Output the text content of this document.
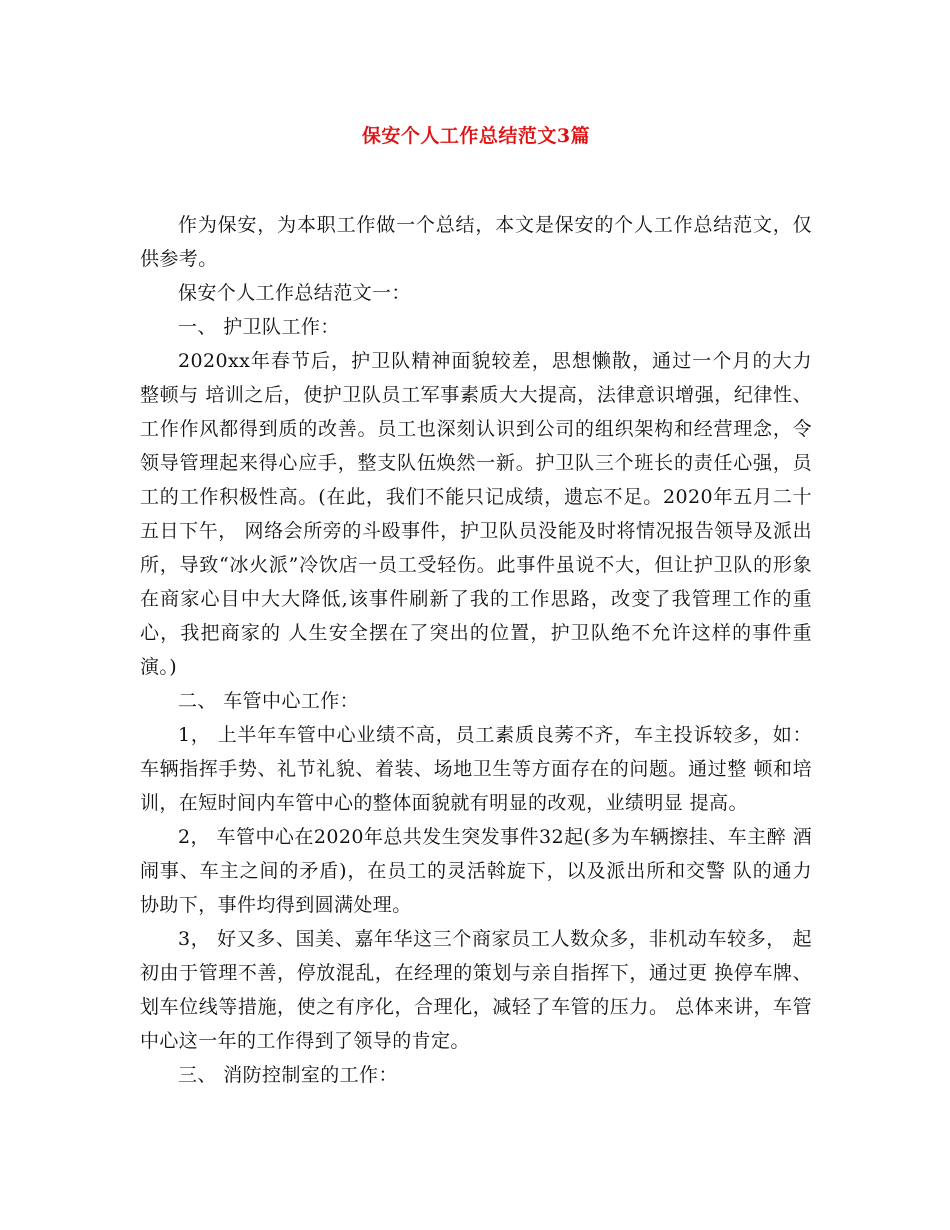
保安个人工作总结范文3篇

作为保安，为本职工作做一个总结，本文是保安的个人工作总结范文，仅供参考。

保安个人工作总结范文一：

一、 护卫队工作：

2020xx年春节后，护卫队精神面貌较差，思想懒散，通过一个月的大力整顿与 培训之后，使护卫队员工军事素质大大提高，法律意识增强，纪律性、工作作风都得到质的改善。员工也深刻认识到公司的组织架构和经营理念，令领导管理起来得心应手，整支队伍焕然一新。护卫队三个班长的责任心强，员工的工作积极性高。(在此，我们不能只记成绩，遗忘不足。2020年五月二十五日下午， 网络会所旁的斗殴事件，护卫队员没能及时将情况报告领导及派出所，导致“冰火派”冷饮店一员工受轻伤。此事件虽说不大，但让护卫队的形象在商家心目中大大降低,该事件刷新了我的工作思路，改变了我管理工作的重心，我把商家的 人生安全摆在了突出的位置，护卫队绝不允许这样的事件重演。)

二、 车管中心工作：

1， 上半年车管中心业绩不高，员工素质良莠不齐，车主投诉较多，如： 车辆指挥手势、礼节礼貌、着装、场地卫生等方面存在的问题。通过整 顿和培训，在短时间内车管中心的整体面貌就有明显的改观，业绩明显 提高。

2， 车管中心在2020年总共发生突发事件32起(多为车辆擦挂、车主醉 酒闹事、车主之间的矛盾)，在员工的灵活斡旋下，以及派出所和交警 队的通力协助下，事件均得到圆满处理。

3， 好又多、国美、嘉年华这三个商家员工人数众多，非机动车较多， 起初由于管理不善，停放混乱，在经理的策划与亲自指挥下，通过更 换停车牌、划车位线等措施，使之有序化，合理化，减轻了车管的压力。 总体来讲，车管中心这一年的工作得到了领导的肯定。

三、 消防控制室的工作：
